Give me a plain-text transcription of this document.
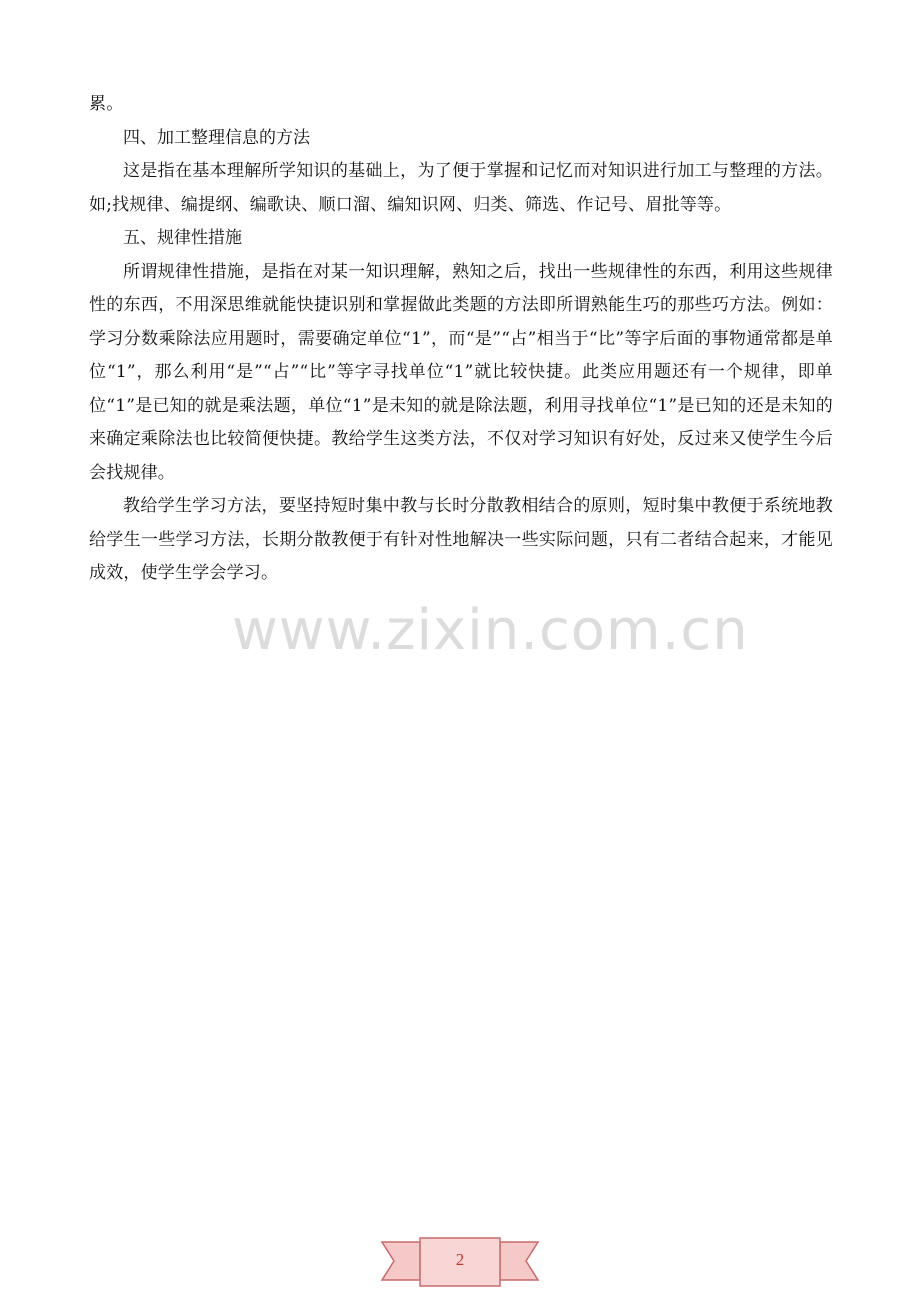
累。

四、加工整理信息的方法

这是指在基本理解所学知识的基础上，为了便于掌握和记忆而对知识进行加工与整理的方法。如;找规律、编提纲、编歌诀、顺口溜、编知识网、归类、筛选、作记号、眉批等等。

五、规律性措施

所谓规律性措施，是指在对某一知识理解，熟知之后，找出一些规律性的东西，利用这些规律性的东西，不用深思维就能快捷识别和掌握做此类题的方法即所谓熟能生巧的那些巧方法。例如：学习分数乘除法应用题时，需要确定单位“1”，而“是”“占”相当于“比”等字后面的事物通常都是单位“1”，那么利用“是”“占”“比”等字寻找单位“1”就比较快捷。此类应用题还有一个规律，即单位“1”是已知的就是乘法题，单位“1”是未知的就是除法题，利用寻找单位“1”是已知的还是未知的来确定乘除法也比较简便快捷。教给学生这类方法，不仅对学习知识有好处，反过来又使学生今后会找规律。

教给学生学习方法，要坚持短时集中教与长时分散教相结合的原则，短时集中教便于系统地教给学生一些学习方法，长期分散教便于有针对性地解决一些实际问题，只有二者结合起来，才能见成效，使学生学会学习。

www.zixin.com.cn
2
